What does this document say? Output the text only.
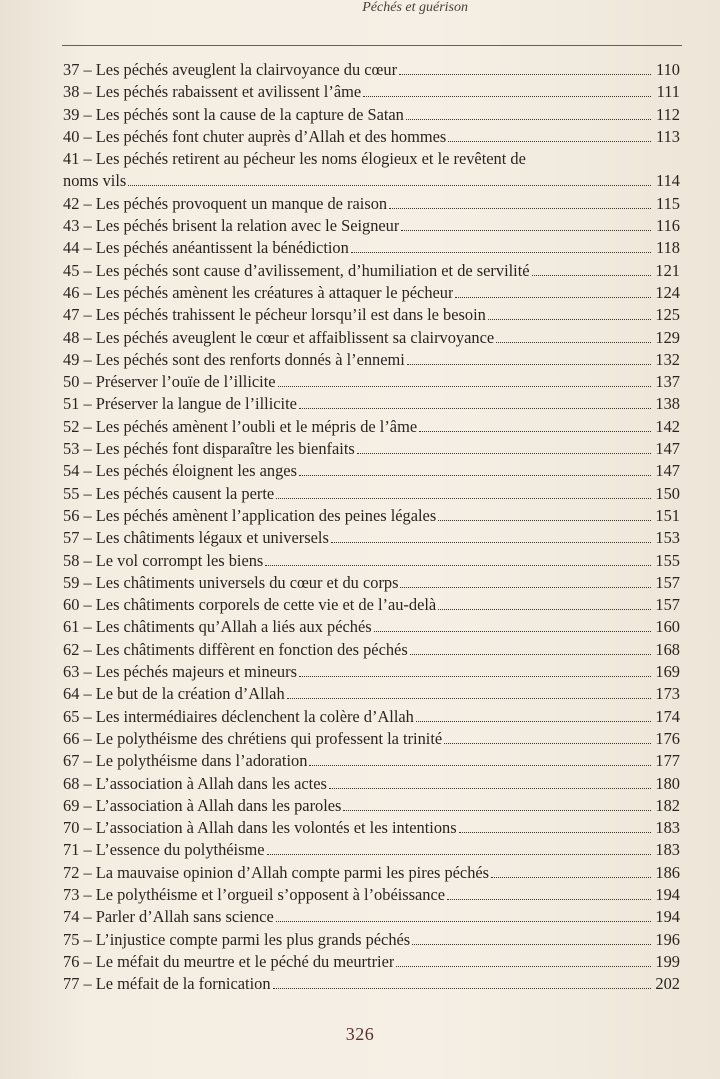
Péchés et guérison
37 – Les péchés aveuglent la clairvoyance du cœur	110
38 – Les péchés rabaissent et avilissent l’âme	111
39 – Les péchés sont la cause de la capture de Satan	112
40 – Les péchés font chuter auprès d’Allah et des hommes	113
41 – Les péchés retirent au pécheur les noms élogieux et le revêtent de
noms vils	114
42 – Les péchés provoquent un manque de raison	115
43 – Les péchés brisent la relation avec le Seigneur	116
44 – Les péchés anéantissent la bénédiction	118
45 – Les péchés sont cause d’avilissement, d’humiliation et de servilité	121
46 – Les péchés amènent les créatures à attaquer le pécheur	124
47 – Les péchés trahissent le pécheur lorsqu’il est dans le besoin	125
48 – Les péchés aveuglent le cœur et affaiblissent sa clairvoyance	129
49 – Les péchés sont des renforts donnés à l’ennemi	132
50 – Préserver l’ouïe de l’illicite	137
51 – Préserver la langue de l’illicite	138
52 – Les péchés amènent l’oubli et le mépris de l’âme	142
53 – Les péchés font disparaître les bienfaits	147
54 – Les péchés éloignent les anges	147
55 – Les péchés causent la perte	150
56 – Les péchés amènent l’application des peines légales	151
57 – Les châtiments légaux et universels	153
58 – Le vol corrompt les biens	155
59 – Les châtiments universels du cœur et du corps	157
60 – Les châtiments corporels de cette vie et de l’au-delà	157
61 – Les châtiments qu’Allah a liés aux péchés	160
62 – Les châtiments diffèrent en fonction des péchés	168
63 – Les péchés majeurs et mineurs	169
64 – Le but de la création d’Allah	173
65 – Les intermédiaires déclenchent la colère d’Allah	174
66 – Le polythéisme des chrétiens qui professent la trinité	176
67 – Le polythéisme dans l’adoration	177
68 – L’association à Allah dans les actes	180
69 – L’association à Allah dans les paroles	182
70 – L’association à Allah dans les volontés et les intentions	183
71 – L’essence du polythéisme	183
72 – La mauvaise opinion d’Allah compte parmi les pires péchés	186
73 – Le polythéisme et l’orgueil s’opposent à l’obéissance	194
74 – Parler d’Allah sans science	194
75 – L’injustice compte parmi les plus grands péchés	196
76 – Le méfait du meurtre et le péché du meurtrier	199
77 – Le méfait de la fornication	202
326
